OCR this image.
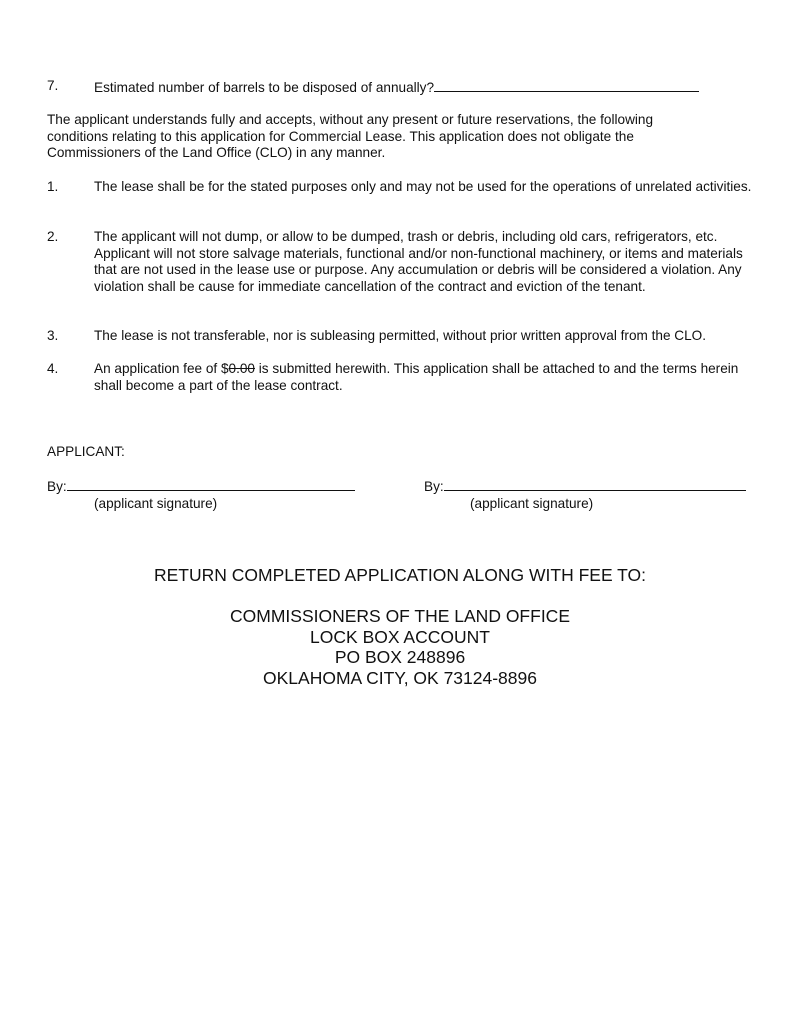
7.	Estimated number of barrels to be disposed of annually?
The applicant understands fully and accepts, without any present or future reservations, the following conditions relating to this application for Commercial Lease. This application does not obligate the Commissioners of the Land Office (CLO) in any manner.
1.	The lease shall be for the stated purposes only and may not be used for the operations of unrelated activities.
2.	The applicant will not dump, or allow to be dumped, trash or debris, including old cars, refrigerators, etc. Applicant will not store salvage materials, functional and/or non-functional machinery, or items and materials that are not used in the lease use or purpose. Any accumulation or debris will be considered a violation. Any violation shall be cause for immediate cancellation of the contract and eviction of the tenant.
3.	The lease is not transferable, nor is subleasing permitted, without prior written approval from the CLO.
4.	An application fee of $0.00 is submitted herewith. This application shall be attached to and the terms herein shall become a part of the lease contract.
APPLICANT:
By:
(applicant signature)
By:
(applicant signature)
RETURN COMPLETED APPLICATION ALONG WITH FEE TO:
COMMISSIONERS OF THE LAND OFFICE
LOCK BOX ACCOUNT
PO BOX 248896
OKLAHOMA CITY, OK 73124-8896
